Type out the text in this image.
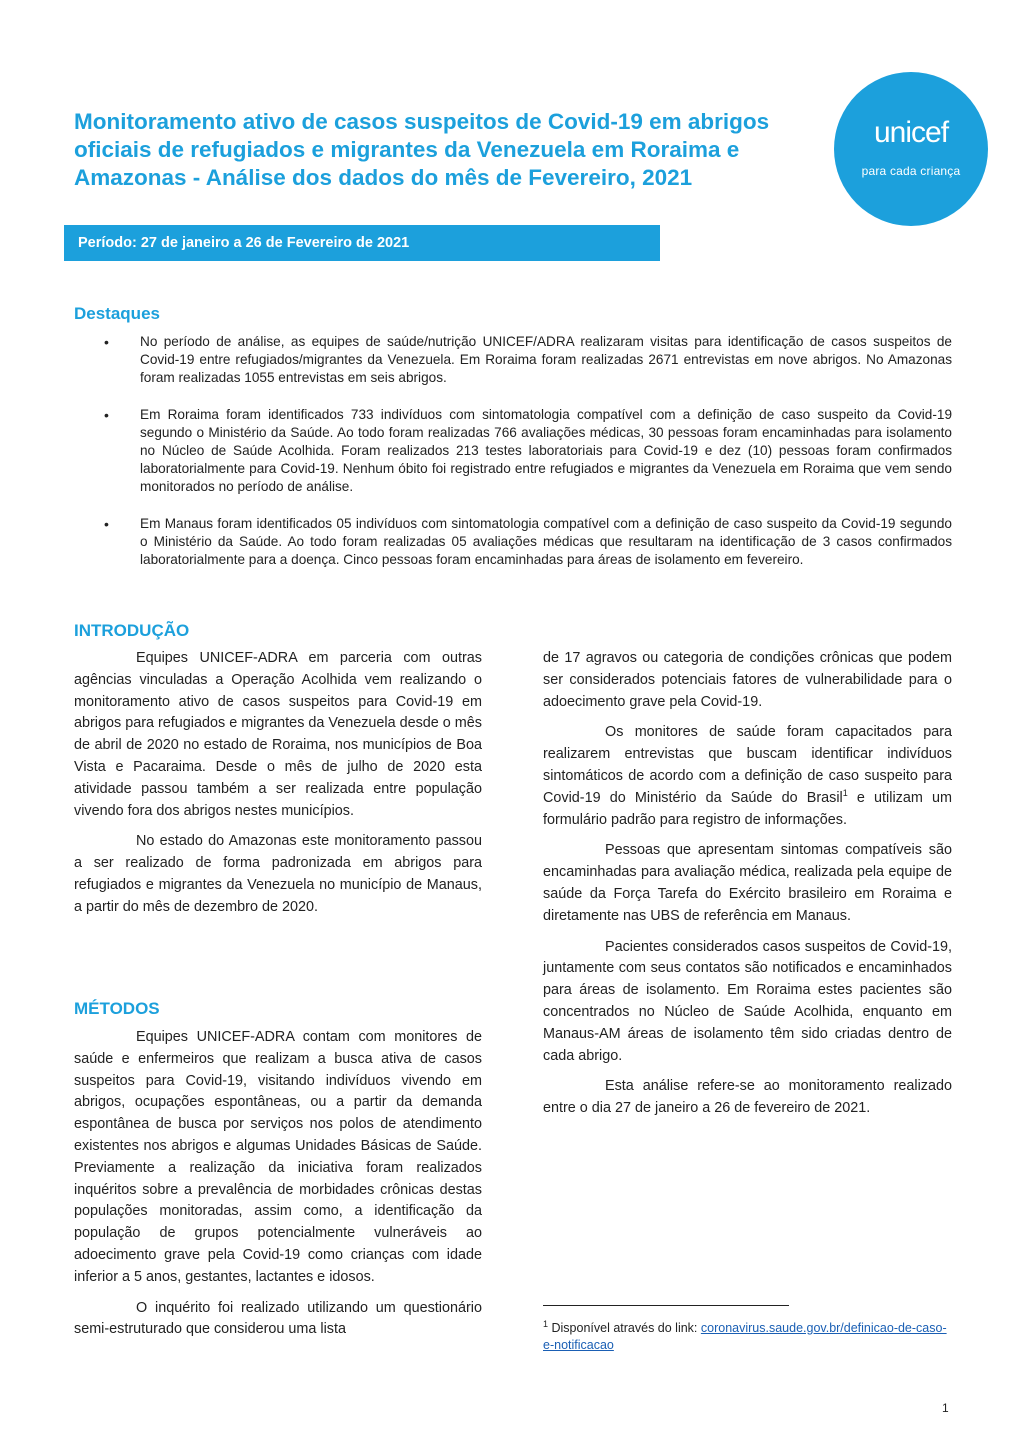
Monitoramento ativo de casos suspeitos de Covid-19 em abrigos oficiais de refugiados e migrantes da Venezuela em Roraima e Amazonas - Análise dos dados do mês de Fevereiro, 2021
unicef
para cada criança
Período: 27 de janeiro a 26 de Fevereiro de 2021
Destaques
•	No período de análise, as equipes de saúde/nutrição UNICEF/ADRA realizaram visitas para identificação de casos suspeitos de Covid-19 entre refugiados/migrantes da Venezuela. Em Roraima foram realizadas 2671 entrevistas em nove abrigos. No Amazonas foram realizadas 1055 entrevistas em seis abrigos.
•	Em Roraima foram identificados 733 indivíduos com sintomatologia compatível com a definição de caso suspeito da Covid-19 segundo o Ministério da Saúde. Ao todo foram realizadas 766 avaliações médicas, 30 pessoas foram encaminhadas para isolamento no Núcleo de Saúde Acolhida. Foram realizados 213 testes laboratoriais para Covid-19 e dez (10) pessoas foram confirmados laboratorialmente para Covid-19. Nenhum óbito foi registrado entre refugiados e migrantes da Venezuela em Roraima que vem sendo monitorados no período de análise.
•	Em Manaus foram identificados 05 indivíduos com sintomatologia compatível com a definição de caso suspeito da Covid-19 segundo o Ministério da Saúde. Ao todo foram realizadas 05 avaliações médicas que resultaram na identificação de 3 casos confirmados laboratorialmente para a doença. Cinco pessoas foram encaminhadas para áreas de isolamento em fevereiro.
INTRODUÇÃO

Equipes UNICEF-ADRA em parceria com outras agências vinculadas a Operação Acolhida vem realizando o monitoramento ativo de casos suspeitos para Covid-19 em abrigos para refugiados e migrantes da Venezuela desde o mês de abril de 2020 no estado de Roraima, nos municípios de Boa Vista e Pacaraima. Desde o mês de julho de 2020 esta atividade passou também a ser realizada entre população vivendo fora dos abrigos nestes municípios.

No estado do Amazonas este monitoramento passou a ser realizado de forma padronizada em abrigos para refugiados e migrantes da Venezuela no município de Manaus, a partir do mês de dezembro de 2020.

MÉTODOS

Equipes UNICEF-ADRA contam com monitores de saúde e enfermeiros que realizam a busca ativa de casos suspeitos para Covid-19, visitando indivíduos vivendo em abrigos, ocupações espontâneas, ou a partir da demanda espontânea de busca por serviços nos polos de atendimento existentes nos abrigos e algumas Unidades Básicas de Saúde. Previamente a realização da iniciativa foram realizados inquéritos sobre a prevalência de morbidades crônicas destas populações monitoradas, assim como, a identificação da população de grupos potencialmente vulneráveis ao adoecimento grave pela Covid-19 como crianças com idade inferior a 5 anos, gestantes, lactantes e idosos.

O inquérito foi realizado utilizando um questionário semi-estruturado que considerou uma lista

de 17 agravos ou categoria de condições crônicas que podem ser considerados potenciais fatores de vulnerabilidade para o adoecimento grave pela Covid-19.

Os monitores de saúde foram capacitados para realizarem entrevistas que buscam identificar indivíduos sintomáticos de acordo com a definição de caso suspeito para Covid-19 do Ministério da Saúde do Brasil$^1$ e utilizam um formulário padrão para registro de informações.

Pessoas que apresentam sintomas compatíveis são encaminhadas para avaliação médica, realizada pela equipe de saúde da Força Tarefa do Exército brasileiro em Roraima e diretamente nas UBS de referência em Manaus.

Pacientes considerados casos suspeitos de Covid-19, juntamente com seus contatos são notificados e encaminhados para áreas de isolamento. Em Roraima estes pacientes são concentrados no Núcleo de Saúde Acolhida, enquanto em Manaus-AM áreas de isolamento têm sido criadas dentro de cada abrigo.

Esta análise refere-se ao monitoramento realizado entre o dia 27 de janeiro a 26 de fevereiro de 2021.

$^1$ Disponível através do link: coronavirus.saude.gov.br/definicao-de-caso-e-notificacao
1
